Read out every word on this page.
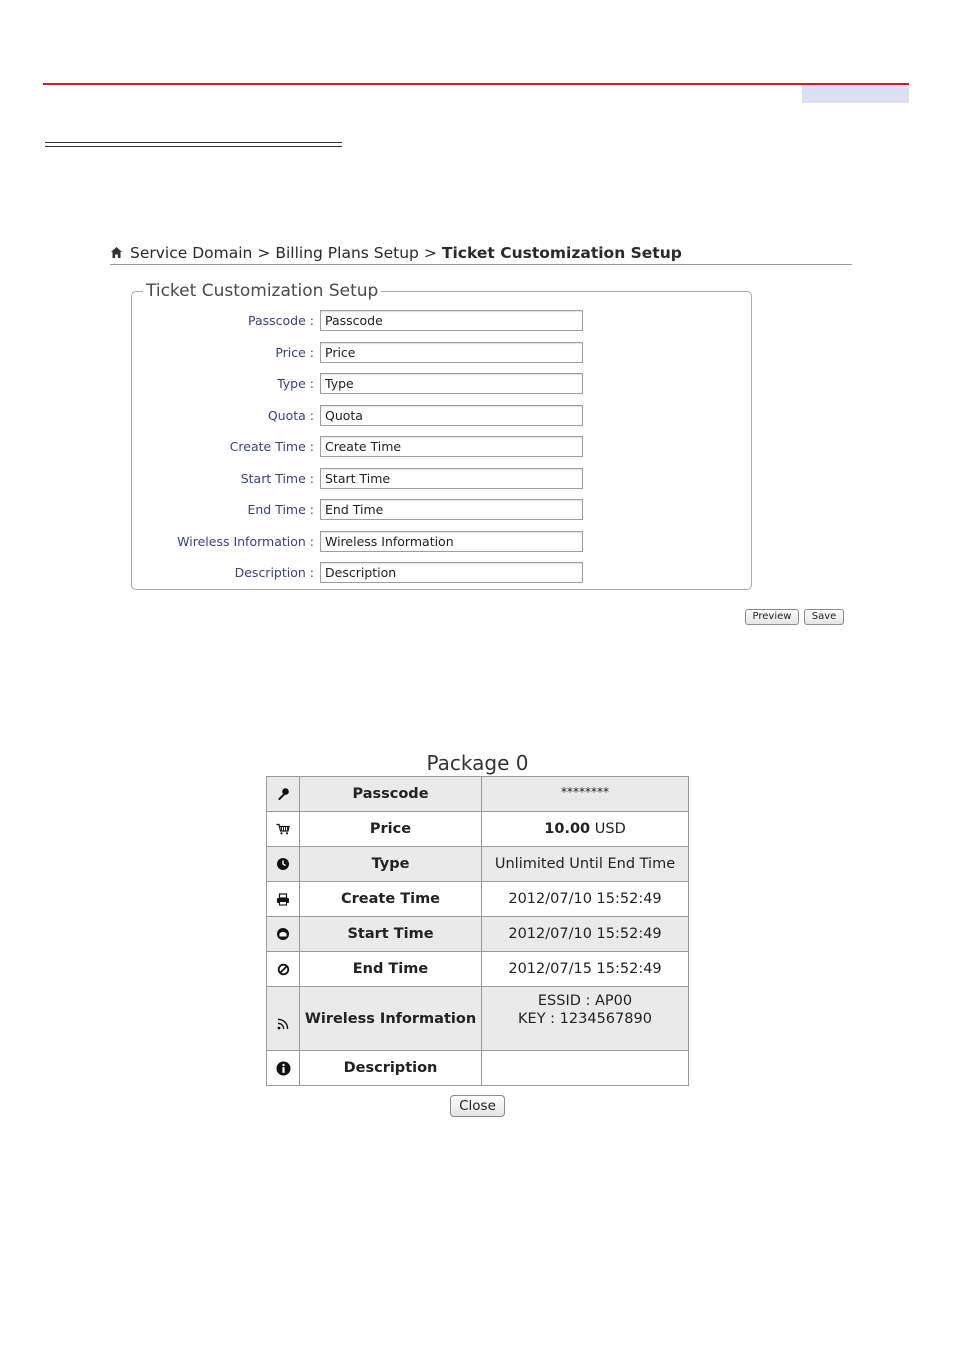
Service Domain > Billing Plans Setup > Ticket Customization Setup
Ticket Customization Setup
Passcode :
Passcode
Price :
Price
Type :
Type
Quota :
Quota
Create Time :
Create Time
Start Time :
Start Time
End Time :
End Time
Wireless Information :
Wireless Information
Description :
Description
Preview	Save
Package 0
	Passcode	********

	Price	10.00 USD

	Type	Unlimited Until End Time

	Create Time	2012/07/10 15:52:49

	Start Time	2012/07/10 15:52:49

	End Time	2012/07/15 15:52:49

	Wireless Information	ESSID : AP00
KEY : 1234567890

	Description	
Close
